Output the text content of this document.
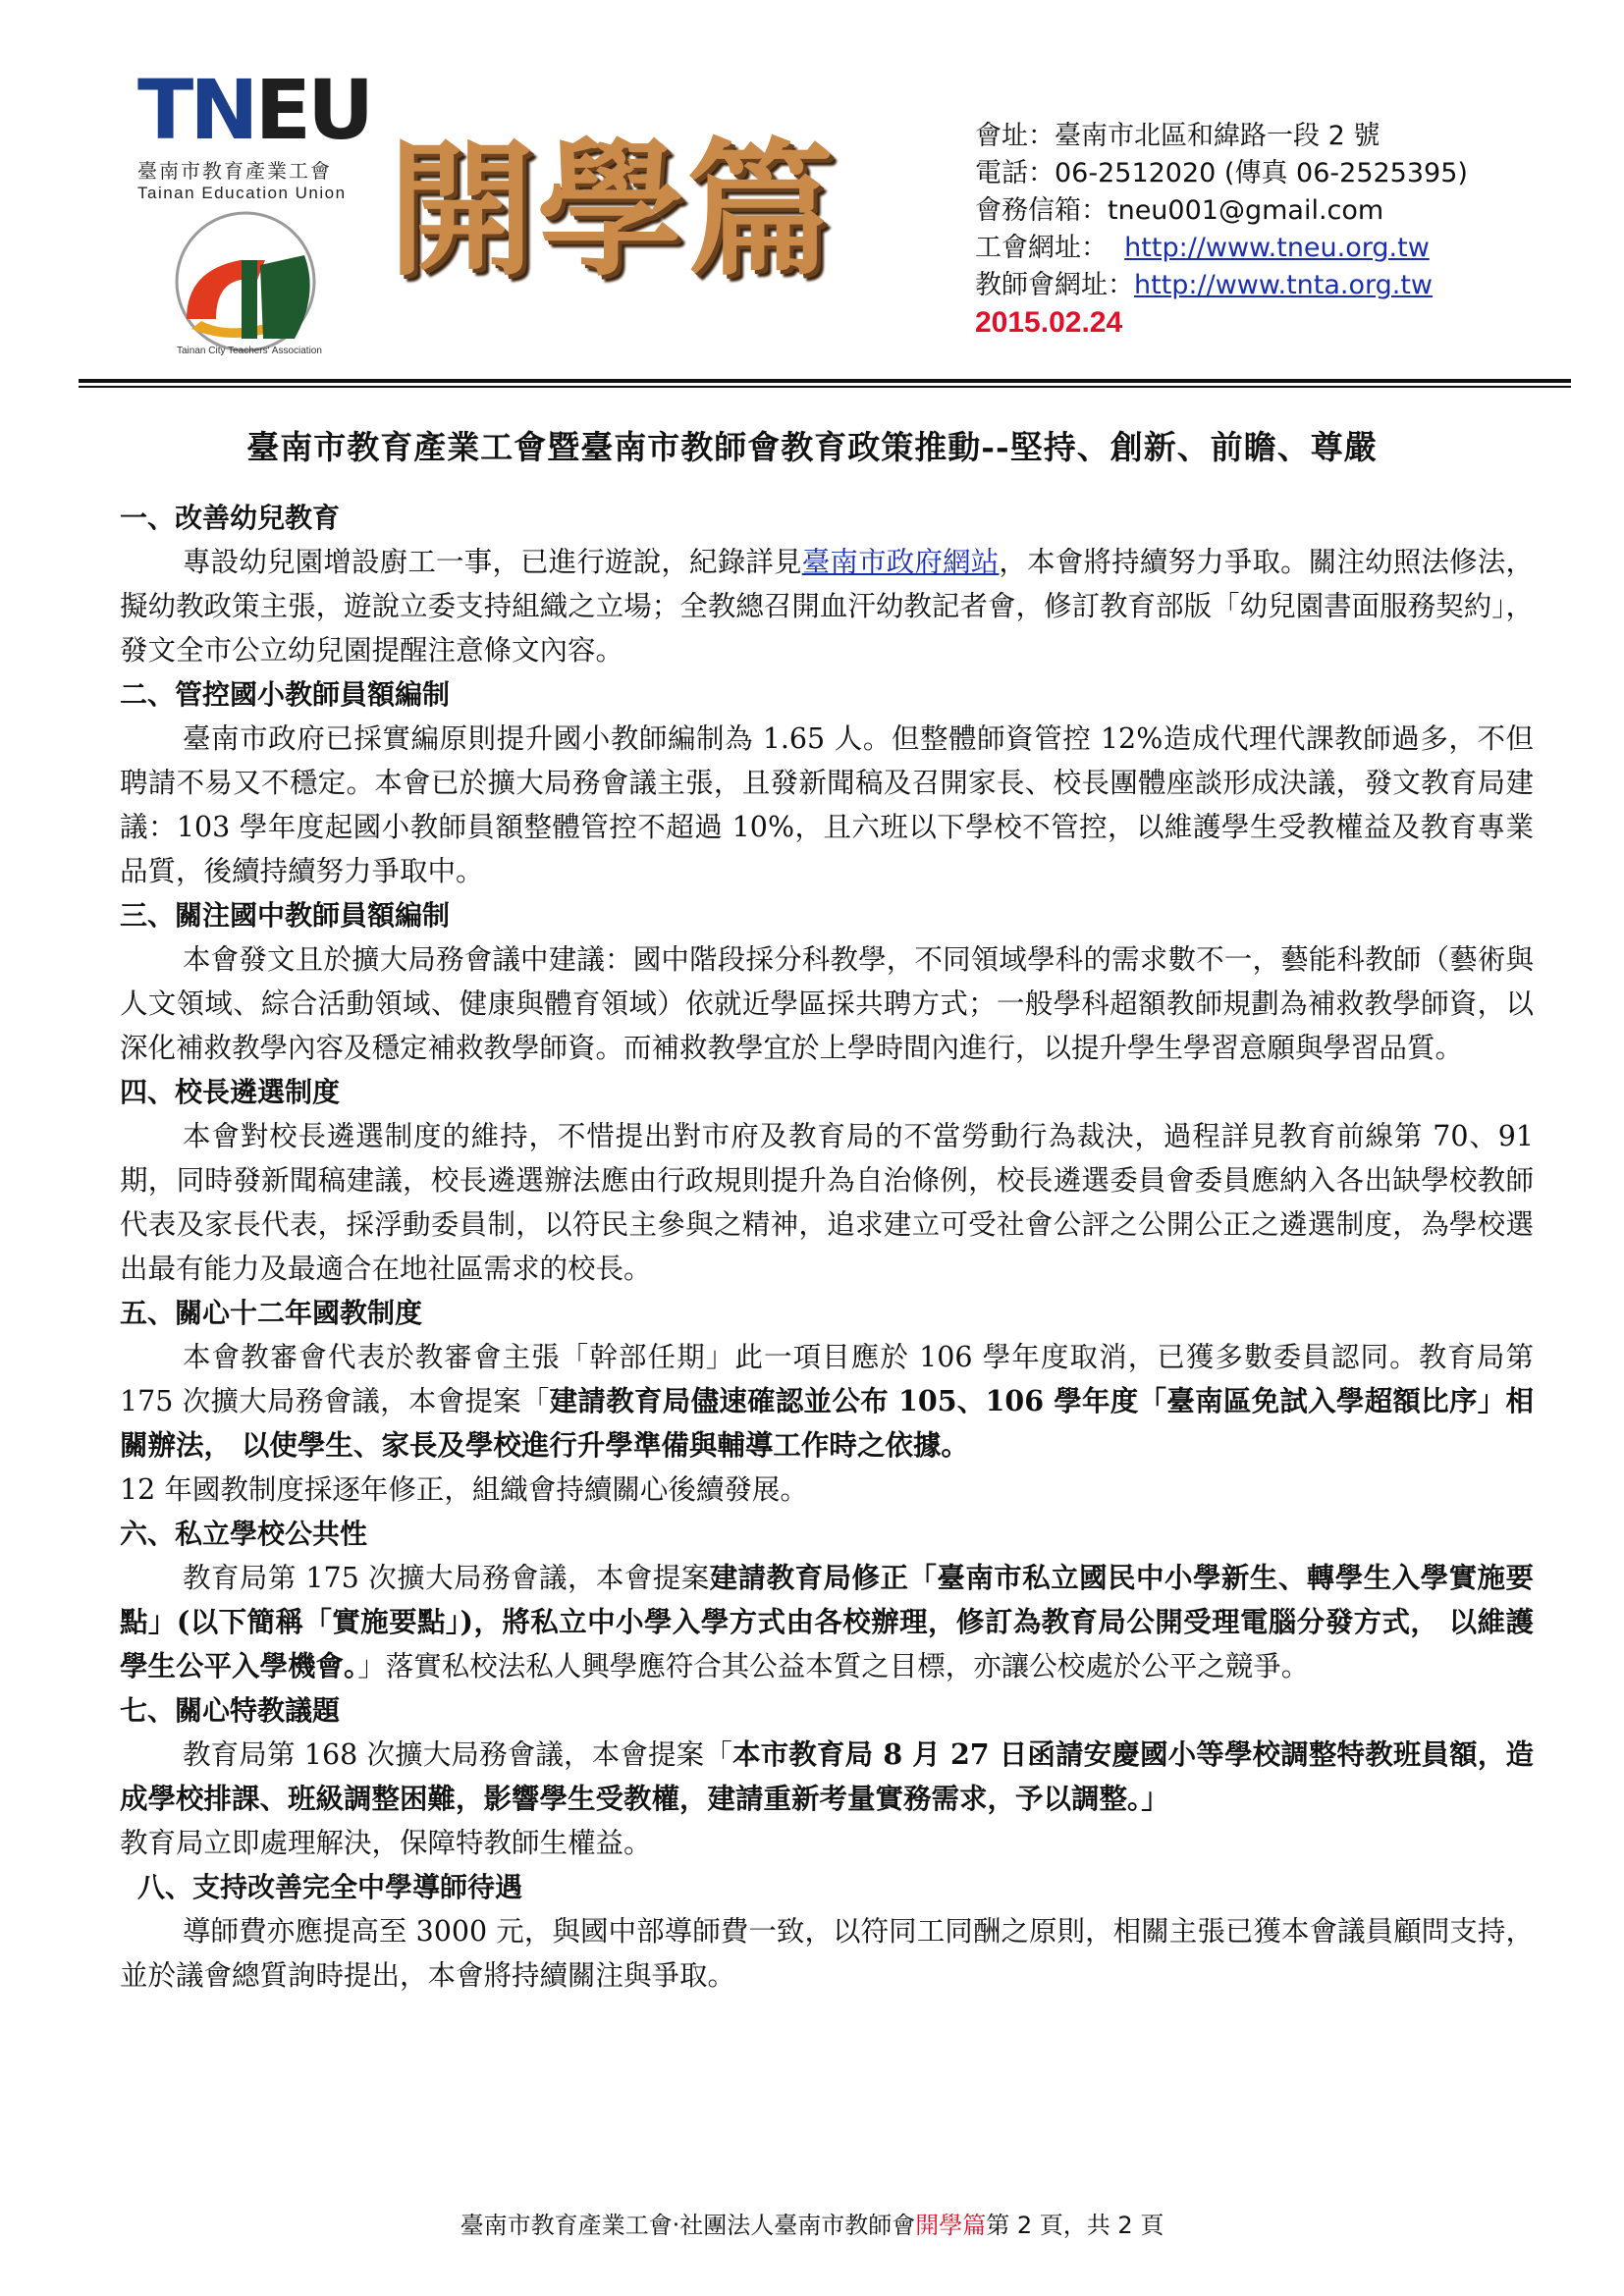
TNEU
臺南市教育產業工會
Tainan Education Union
Tainan City Teachers' Association
開學篇	會址：臺南市北區和緯路一段 2 號
電話：06-2512020 (傳真 06-2525395)
會務信箱：tneu001@gmail.com
工會網址： http://www.tneu.org.tw
教師會網址：http://www.tnta.org.tw
2015.02.24
臺南市教育產業工會暨臺南市教師會教育政策推動--堅持、創新、前瞻、尊嚴
一、改善幼兒教育
專設幼兒園增設廚工一事，已進行遊說，紀錄詳見臺南市政府網站，本會將持續努力爭取。關注幼照法修法，擬幼教政策主張，遊說立委支持組織之立場；全教總召開血汗幼教記者會，修訂教育部版「幼兒園書面服務契約」，發文全市公立幼兒園提醒注意條文內容。
二、管控國小教師員額編制
臺南市政府已採實編原則提升國小教師編制為 1.65 人。但整體師資管控 12%造成代理代課教師過多，不但聘請不易又不穩定。本會已於擴大局務會議主張，且發新聞稿及召開家長、校長團體座談形成決議，發文教育局建議：103 學年度起國小教師員額整體管控不超過 10%，且六班以下學校不管控，以維護學生受教權益及教育專業品質，後續持續努力爭取中。
三、關注國中教師員額編制
本會發文且於擴大局務會議中建議：國中階段採分科教學，不同領域學科的需求數不一，藝能科教師（藝術與人文領域、綜合活動領域、健康與體育領域）依就近學區採共聘方式；一般學科超額教師規劃為補救教學師資，以深化補救教學內容及穩定補救教學師資。而補救教學宜於上學時間內進行，以提升學生學習意願與學習品質。
四、校長遴選制度
本會對校長遴選制度的維持，不惜提出對市府及教育局的不當勞動行為裁決，過程詳見教育前線第 70、91 期，同時發新聞稿建議，校長遴選辦法應由行政規則提升為自治條例，校長遴選委員會委員應納入各出缺學校教師代表及家長代表，採浮動委員制，以符民主參與之精神，追求建立可受社會公評之公開公正之遴選制度，為學校選出最有能力及最適合在地社區需求的校長。
五、關心十二年國教制度
本會教審會代表於教審會主張「幹部任期」此一項目應於 106 學年度取消，已獲多數委員認同。教育局第 175 次擴大局務會議，本會提案「建請教育局儘速確認並公布 105、106 學年度「臺南區免試入學超額比序」相關辦法， 以使學生、家長及學校進行升學準備與輔導工作時之依據。
12 年國教制度採逐年修正，組織會持續關心後續發展。
六、私立學校公共性
教育局第 175 次擴大局務會議，本會提案建請教育局修正「臺南市私立國民中小學新生、轉學生入學實施要點」(以下簡稱「實施要點」)，將私立中小學入學方式由各校辦理，修訂為教育局公開受理電腦分發方式， 以維護學生公平入學機會。」落實私校法私人興學應符合其公益本質之目標，亦讓公校處於公平之競爭。
七、關心特教議題
教育局第 168 次擴大局務會議，本會提案「本市教育局 8 月 27 日函請安慶國小等學校調整特教班員額，造成學校排課、班級調整困難，影響學生受教權，建請重新考量實務需求，予以調整。」
教育局立即處理解決，保障特教師生權益。
八、支持改善完全中學導師待遇
導師費亦應提高至 3000 元，與國中部導師費一致，以符同工同酬之原則，相關主張已獲本會議員顧問支持，並於議會總質詢時提出，本會將持續關注與爭取。
臺南市教育產業工會‧社團法人臺南市教師會開學篇第 2 頁，共 2 頁
